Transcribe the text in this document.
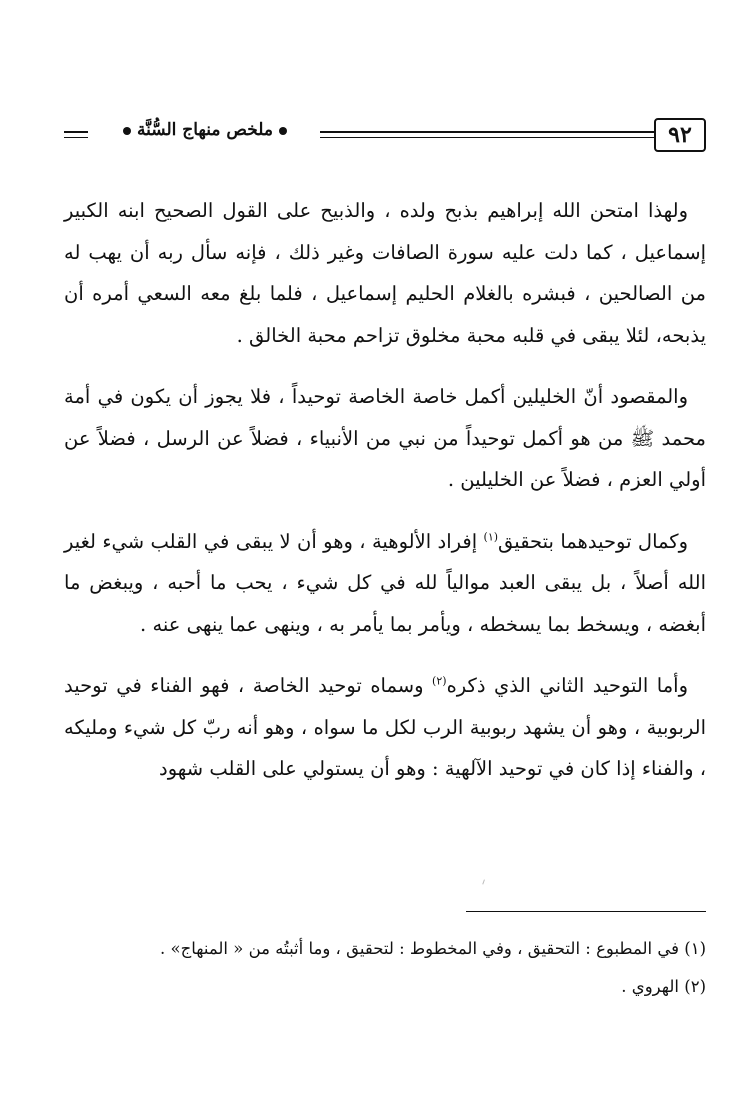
٩٢
ملخص منهاج السُّنَّة

ولهذا امتحن الله إبراهيم بذبح ولده ، والذبيح على القول الصحيح ابنه الكبير إسماعيل ، كما دلت عليه سورة الصافات وغير ذلك ، فإنه سأل ربه أن يهب له من الصالحين ، فبشره بالغلام الحليم إسماعيل ، فلما بلغ معه السعي أمره أن يذبحه، لئلا يبقى في قلبه محبة مخلوق تزاحم محبة الخالق .

والمقصود أنّ الخليلين أكمل خاصة الخاصة توحيداً ، فلا يجوز أن يكون في أمة محمد ﷺ من هو أكمل توحيداً من نبي من الأنبياء ، فضلاً عن الرسل ، فضلاً عن أولي العزم ، فضلاً عن الخليلين .

وكمال توحيدهما بتحقيق$^{(١)}$ إفراد الألوهية ، وهو أن لا يبقى في القلب شيء لغير الله أصلاً ، بل يبقى العبد موالياً لله في كل شيء ، يحب ما أحبه ، ويبغض ما أبغضه ، ويسخط بما يسخطه ، ويأمر بما يأمر به ، وينهى عما ينهى عنه .

وأما التوحيد الثاني الذي ذكره$^{(٢)}$ وسماه توحيد الخاصة ، فهو الفناء في توحيد الربوبية ، وهو أن يشهد ربوبية الرب لكل ما سواه ، وهو أنه ربّ كل شيء ومليكه ، والفناء إذا كان في توحيد الآلهية : وهو أن يستولي على القلب شهود

(١) في المطبوع : التحقيق ، وفي المخطوط : لتحقيق ، وما أثبتُه من « المنهاج» .

(٢) الهروي .
